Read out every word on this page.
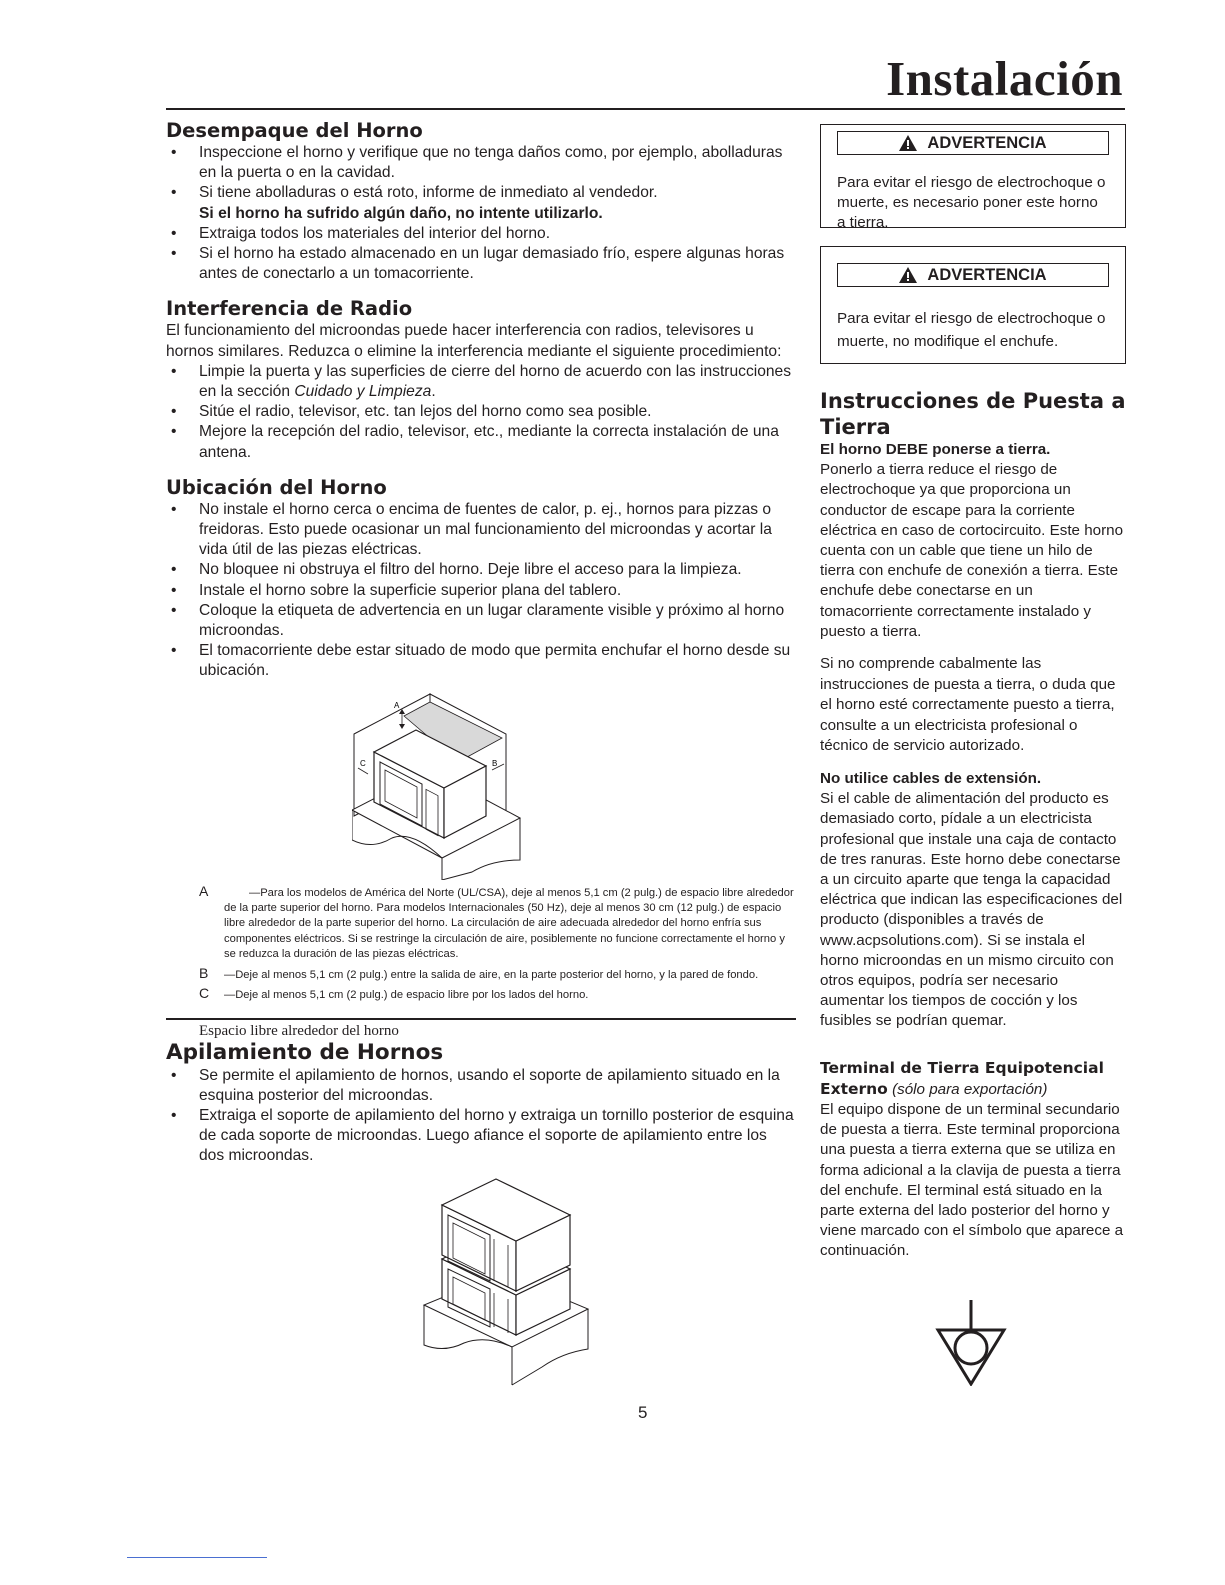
Instalación
Desempaque del Horno
• Inspeccione el horno y verifique que no tenga daños como, por ejemplo, abolladuras en la puerta o en la cavidad.
• Si tiene abolladuras o está roto, informe de inmediato al vendedor.
Si el horno ha sufrido algún daño, no intente utilizarlo.
• Extraiga todos los materiales del interior del horno.
• Si el horno ha estado almacenado en un lugar demasiado frío, espere algunas horas antes de conectarlo a un tomacorriente.
Interferencia de Radio

El funcionamiento del microondas puede hacer interferencia con radios, televisores u hornos similares. Reduzca o elimine la interferencia mediante el siguiente procedimiento:

• Limpie la puerta y las superficies de cierre del horno de acuerdo con las instrucciones en la sección Cuidado y Limpieza.
• Sitúe el radio, televisor, etc. tan lejos del horno como sea posible.
• Mejore la recepción del radio, televisor, etc., mediante la correcta instalación de una antena.
Ubicación del Horno
• No instale el horno cerca o encima de fuentes de calor, p. ej., hornos para pizzas o freidoras. Esto puede ocasionar un mal funcionamiento del microondas y acortar la vida útil de las piezas eléctricas.
• No bloquee ni obstruya el filtro del horno. Deje libre el acceso para la limpieza.
• Instale el horno sobre la superficie superior plana del tablero.
• Coloque la etiqueta de advertencia en un lugar claramente visible y próximo al horno microondas.
• El tomacorriente debe estar situado de modo que permita enchufar el horno desde su ubicación.
A
C	B
A	—Para los modelos de América del Norte (UL/CSA), deje al menos 5,1 cm (2 pulg.) de espacio libre alrededor de la parte superior del horno. Para modelos Internacionales (50 Hz), deje al menos 30 cm (12 pulg.) de espacio libre alrededor de la parte superior del horno. La circulación de aire adecuada alrededor del horno enfría sus componentes eléctricos. Si se restringe la circulación de aire, posiblemente no funcione correctamente el horno y se reduzca la duración de las piezas eléctricas.
B —Deje al menos 5,1 cm (2 pulg.) entre la salida de aire, en la parte posterior del horno, y la pared de fondo.
C —Deje al menos 5,1 cm (2 pulg.) de espacio libre por los lados del horno.
Espacio libre alrededor del horno
Apilamiento de Hornos
• Se permite el apilamiento de hornos, usando el soporte de apilamiento situado en la esquina posterior del microondas.
• Extraiga el soporte de apilamiento del horno y extraiga un tornillo posterior de esquina de cada soporte de microondas. Luego afiance el soporte de apilamiento entre los dos microondas.
ADVERTENCIA

Para evitar el riesgo de electrochoque o muerte, es necesario poner este horno a tierra.

ADVERTENCIA

Para evitar el riesgo de electrochoque o muerte, no modifique el enchufe.

Instrucciones de Puesta a Tierra

El horno DEBE ponerse a tierra.

Ponerlo a tierra reduce el riesgo de electrochoque ya que proporciona un conductor de escape para la corriente eléctrica en caso de cortocircuito. Este horno cuenta con un cable que tiene un hilo de tierra con enchufe de conexión a tierra. Este enchufe debe conectarse en un tomacorriente correctamente instalado y puesto a tierra.

Si no comprende cabalmente las instrucciones de puesta a tierra, o duda que el horno esté correctamente puesto a tierra, consulte a un electricista profesional o técnico de servicio autorizado.

No utilice cables de extensión.

Si el cable de alimentación del producto es demasiado corto, pídale a un electricista profesional que instale una caja de contacto de tres ranuras. Este horno debe conectarse a un circuito aparte que tenga la capacidad eléctrica que indican las especificaciones del producto (disponibles a través de www.acpsolutions.com). Si se instala el horno microondas en un mismo circuito con otros equipos, podría ser necesario aumentar los tiempos de cocción y los fusibles se podrían quemar.

Terminal de Tierra Equipotencial Externo (sólo para exportación)

El equipo dispone de un terminal secundario de puesta a tierra. Este terminal proporciona una puesta a tierra externa que se utiliza en forma adicional a la clavija de puesta a tierra del enchufe. El terminal está situado en la parte externa del lado posterior del horno y viene marcado con el símbolo que aparece a continuación.

5
